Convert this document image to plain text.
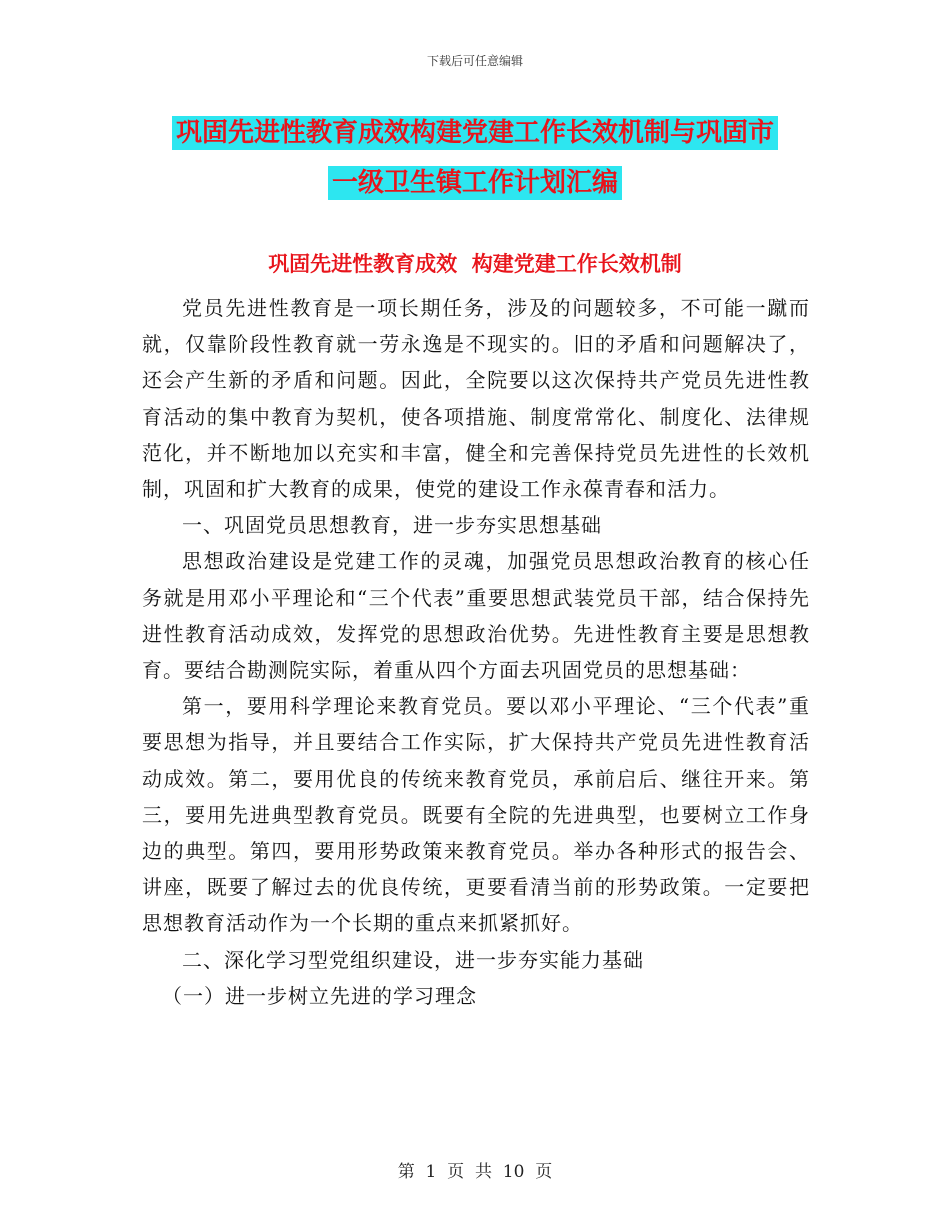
下载后可任意编辑
巩固先进性教育成效构建党建工作长效机制与巩固市
一级卫生镇工作计划汇编
巩固先进性教育成效  构建党建工作长效机制

党员先进性教育是一项长期任务，涉及的问题较多，不可能一蹴而就，仅靠阶段性教育就一劳永逸是不现实的。旧的矛盾和问题解决了，还会产生新的矛盾和问题。因此，全院要以这次保持共产党员先进性教育活动的集中教育为契机，使各项措施、制度常常化、制度化、法律规范化，并不断地加以充实和丰富，健全和完善保持党员先进性的长效机制，巩固和扩大教育的成果，使党的建设工作永葆青春和活力。

一、巩固党员思想教育，进一步夯实思想基础

思想政治建设是党建工作的灵魂，加强党员思想政治教育的核心任务就是用邓小平理论和“三个代表”重要思想武装党员干部，结合保持先进性教育活动成效，发挥党的思想政治优势。先进性教育主要是思想教育。要结合勘测院实际，着重从四个方面去巩固党员的思想基础：

第一，要用科学理论来教育党员。要以邓小平理论、“三个代表”重要思想为指导，并且要结合工作实际，扩大保持共产党员先进性教育活动成效。第二，要用优良的传统来教育党员，承前启后、继往开来。第三，要用先进典型教育党员。既要有全院的先进典型，也要树立工作身边的典型。第四，要用形势政策来教育党员。举办各种形式的报告会、讲座，既要了解过去的优良传统，更要看清当前的形势政策。一定要把思想教育活动作为一个长期的重点来抓紧抓好。

二、深化学习型党组织建设，进一步夯实能力基础

（一）进一步树立先进的学习理念

第  1  页  共  10  页
